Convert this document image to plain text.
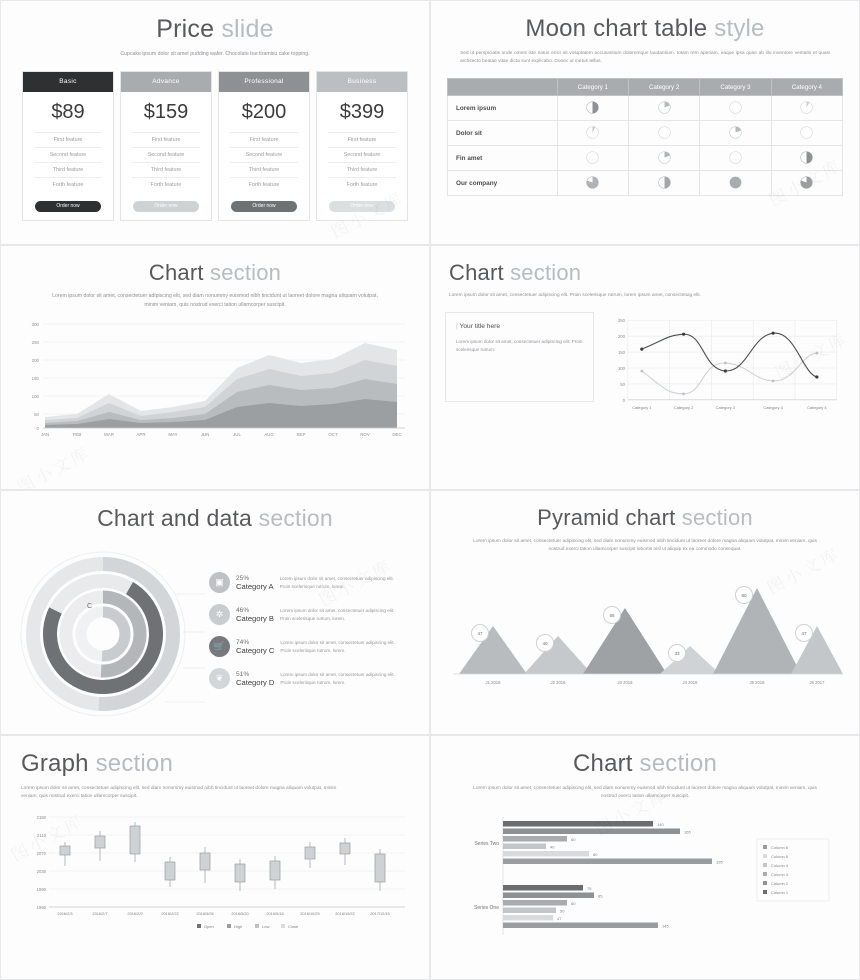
Price slide
Cupcake ipsum dolor sit amet pudding wafer. Chocolate bar tiramisu cake topping.
Basic
$89
First feature
Second feature
Third feature
Forth feature
Order now
Advance
$159
First feature
Second feature
Third feature
Forth feature
Order now
Professional
$200
First feature
Second feature
Third feature
Forth feature
Order now
Business
$399
First feature
Second feature
Third feature
Forth feature
Order now
Moon chart table style
Sed ut perspiciatis unde omnis iste natus error sit voluptatem accusantium doloremque laudantium, totam rem aperiam, eaque ipsa quae ab illo inventore veritatis et quasi architecto beatae vitae dicta sunt explicabo. Donec ut metus tellus.
	Category 1	Category 2	Category 3	Category 4
Lorem ipsum				
Dolor sit				
Fin amet				
Our company				
Chart section
Lorem ipsum dolor sit amet, consectetuer adipiscing elit, sed diam nonummy euismod nibh tincidunt ut laoreet dolore magna aliquam volutpat, minim veniam, quis nostrud exerci tation ullamcorper suscipit.
300
250
200
150
100
50
0
JAN	FEB	MAR	APR	MAY	JUN	JUL	AUG	SEP	OCT	NOV	DEC
Chart section
Lorem ipsum dolor sit amet, consectetuer adipiscing elit. Proin scelerisque rutrum, lorem ipsum amet, consectetuig elit.
| Your title here
Lorem ipsum dolor sit amet, consectetuer adipiscing elit. Proin scelerisque rutrum.
250
200
150
100
50
0
Category 1	Category 2	Category 3	Category 4	Category 4
Chart and data section
C
▣	25%
Category A
Lorem ipsum dolor sit amet, consectetuer adipiscing elit. Proin scelerisque rutrum, lorem.
✲	46%
Category B
Lorem ipsum dolor sit amet, consectetuer adipiscing elit. Proin scelerisque rutrum, lorem.
🛒	74%
Category C
Lorem ipsum dolor sit amet, consectetuer adipiscing elit. Proin scelerisque rutrum, lorem.
❦	51%
Category D
Lorem ipsum dolor sit amet, consectetuer adipiscing elit. Proin scelerisque rutrum, lorem.
Pyramid chart section
Lorem ipsum dolor sit amet, consectetuer adipiscing elit, sed diam nonummy euismod nibh tincidunt ut laoreet dolore magna aliquam volutpat, minim veniam, quis nostrud exerci tation ullamcorper suscipit lobortis nisl ut aliquip ex ea commodo consequat.
J1 2016	J2 2016	J3 2016	J4 2016	J5 2016	J6 2017
47
40
56
33
80
47
Graph section
Lorem ipsum dolor sit amet, consectetuer adipiscing elit, sed diam nonummy euismod nibh tincidunt ut laoreet dolore magna aliquam volutpat, minim veniam, quis nostrud exerci tation ullamcorper suscipit.
2150
2110
2070
2030
1990
1950
2016/2/3	2016/2/7	2016/2/9	2016/2/22	2016/5/26	2016/5/20	2016/5/15	2016/10/29	2016/10/22	2017/12/15
Open	High	Low	Close
Chart section
Lorem ipsum dolor sit amet, consectetuer adipiscing elit, sed diam nonummy euismod nibh tincidunt ut laoreet dolore magna aliquam volutpat, minim veniam, quis nostrud exerci tation ullamcorper suscipit.
Series Two
Series One
140
165
60
40
80
195
75
85
60
50
47
145
Column 6
Column 5
Column 4
Column 3
Column 2
Column 1
